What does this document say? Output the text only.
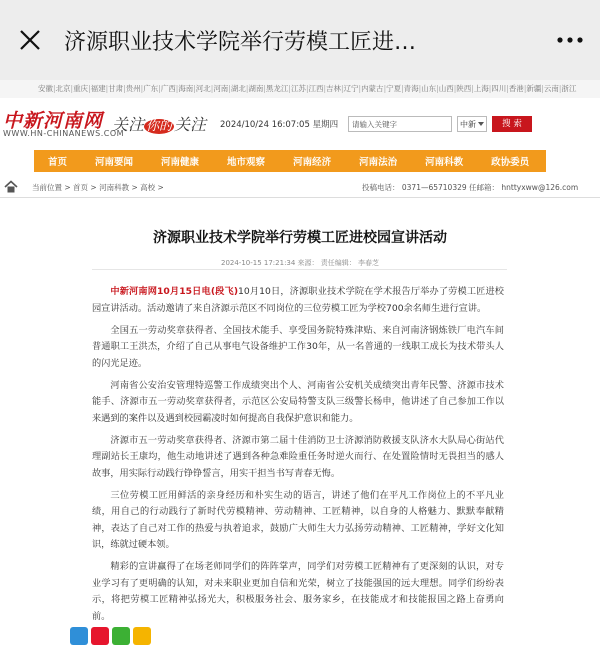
济源职业技术学院举行劳模工匠进…
安徽|北京|重庆|福建|甘肃|贵州|广东|广西|海南|河北|河南|湖北|湖南|黑龙江|江苏|江西|吉林|辽宁|内蒙古|宁夏|青海|山东|山西|陕西|上海|四川|香港|新疆|云南|浙江
中新河南网
WWW.HN-CHINANEWS.COM
关注 你的 关注 2024/10/24 16:07:05 星期四	请输入关键字	中新	搜 索
首页	河南要闻	河南健康	地市观察	河南经济	河南法治	河南科教	政协委员	聚焦中原
当前位置 > 首页 > 河南科教 > 高校 >	投稿电话： 0371—65710329 任邮箱： hnttyxww@126.com
济源职业技术学院举行劳模工匠进校园宣讲活动
2024-10-15 17:21:34 来源： 责任编辑： 李春芝

中新河南网10月15日电(段飞)10月10日，济源职业技术学院在学术报告厅举办了劳模工匠进校园宣讲活动。活动邀请了来自济源示范区不同岗位的三位劳模工匠为学校700余名师生进行宣讲。

全国五一劳动奖章获得者、全国技术能手、享受国务院特殊津贴、来自河南济钢炼铁厂电汽车间普通职工王洪杰，介绍了自己从事电气设备维护工作30年，从一名普通的一线职工成长为技术带头人的闪光足迹。

河南省公安治安管理特巡警工作成绩突出个人、河南省公安机关成绩突出青年民警、济源市技术能手、济源市五一劳动奖章获得者，示范区公安局特警支队三级警长杨申，他讲述了自己参加工作以来遇到的案件以及遇到校园霸凌时如何提高自我保护意识和能力。

济源市五一劳动奖章获得者、济源市第二届十佳消防卫士济源消防救援支队济水大队局心街站代理副站长王康均，他生动地讲述了遇到各种急难险重任务时逆火而行、在处置险情时无畏担当的感人故事，用实际行动践行铮铮誓言，用实干担当书写青春无悔。

三位劳模工匠用鲜活的亲身经历和朴实生动的语言，讲述了他们在平凡工作岗位上的不平凡业绩，用自己的行动践行了新时代劳模精神、劳动精神、工匠精神，以自身的人格魅力、默默奉献精神，表达了自己对工作的热爱与执着追求，鼓励广大师生大力弘扬劳动精神、工匠精神，学好文化知识，练就过硬本领。

精彩的宣讲赢得了在场老师同学们的阵阵掌声，同学们对劳模工匠精神有了更深刻的认识，对专业学习有了更明确的认知，对未来职业更加自信和光荣，树立了技能强国的远大理想。同学们纷纷表示，将把劳模工匠精神弘扬光大，积极服务社会、服务家乡，在技能成才和技能报国之路上奋勇向前。
